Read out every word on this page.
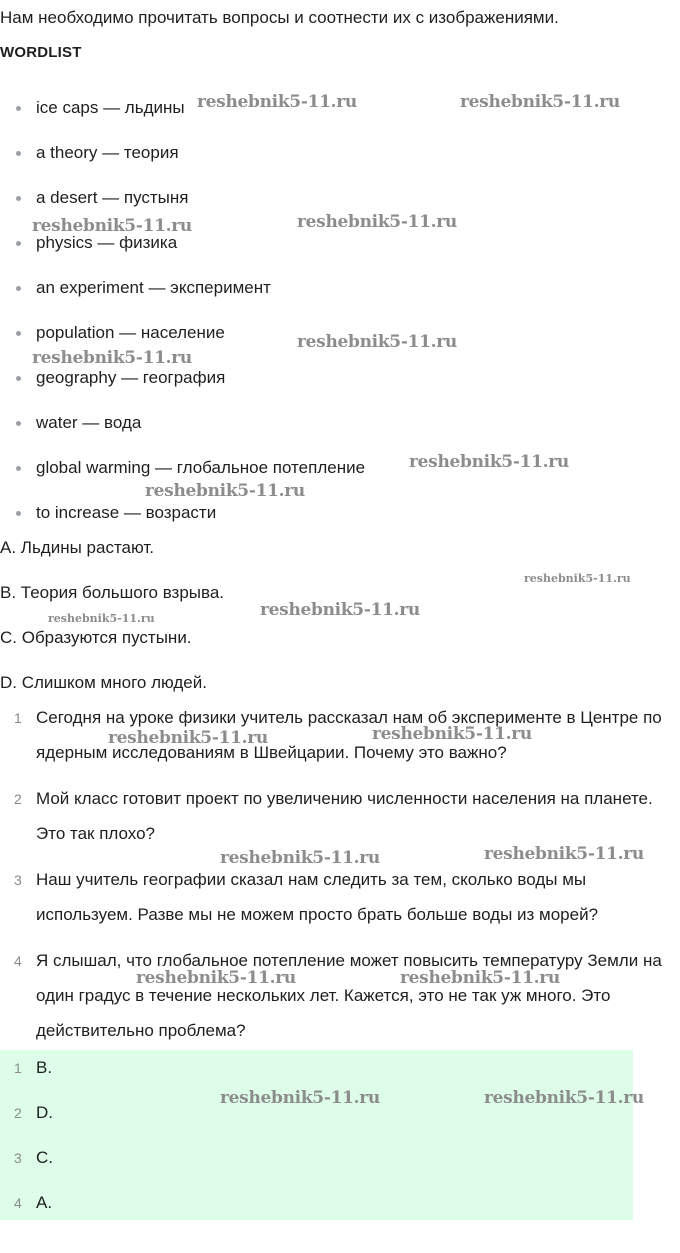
Нам необходимо прочитать вопросы и соотнести их с изображениями.
WORDLIST
ice caps — льдины
a theory — теория
a desert — пустыня
physics — физика
an experiment — эксперимент
population — население
geography — география
water — вода
global warming — глобальное потепление
to increase — возрасти
A. Льдины растают.
B. Теория большого взрыва.
C. Образуются пустыни.
D. Слишком много людей.
1 Сегодня на уроке физики учитель рассказал нам об эксперименте в Центре по ядерным исследованиям в Швейцарии. Почему это важно?
2 Мой класс готовит проект по увеличению численности населения на планете. Это так плохо?
3 Наш учитель географии сказал нам следить за тем, сколько воды мы используем. Разве мы не можем просто брать больше воды из морей?
4 Я слышал, что глобальное потепление может повысить температуру Земли на один градус в течение нескольких лет. Кажется, это не так уж много. Это действительно проблема?
1 B.
2 D.
3 C.
4 A.
reshebnik5-11.ru	reshebnik5-11.ru
reshebnik5-11.ru	reshebnik5-11.ru
reshebnik5-11.ru
reshebnik5-11.ru
reshebnik5-11.ru
reshebnik5-11.ru
reshebnik5-11.ru
reshebnik5-11.ru
reshebnik5-11.ru
reshebnik5-11.ru	reshebnik5-11.ru
reshebnik5-11.ru	reshebnik5-11.ru
reshebnik5-11.ru	reshebnik5-11.ru
reshebnik5-11.ru	reshebnik5-11.ru
